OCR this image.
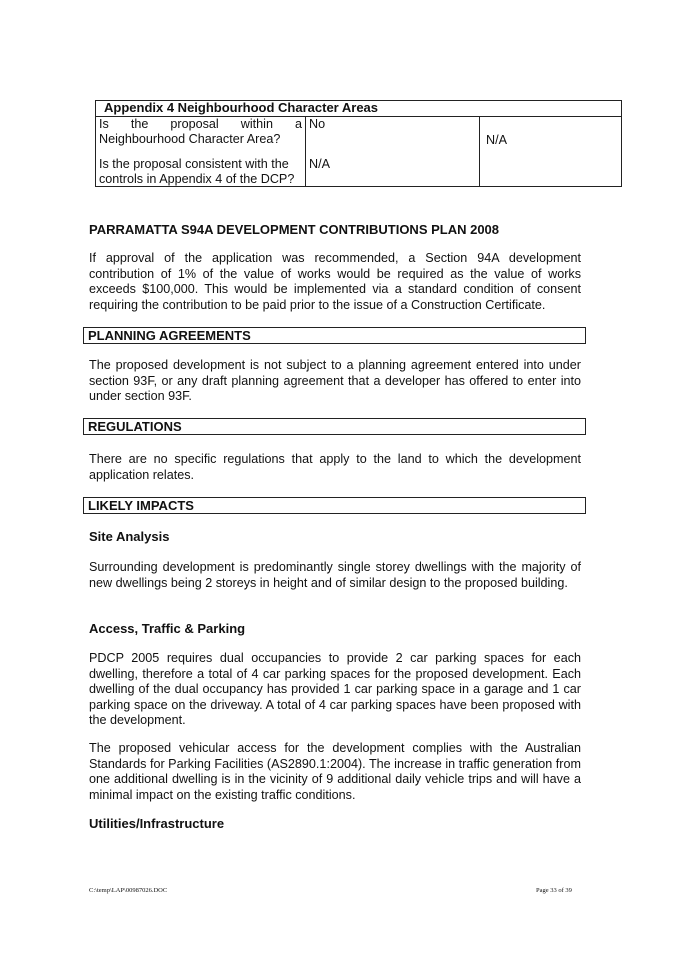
Appendix 4 Neighbourhood Character Areas		
Is the proposal within a Neighbourhood Character Area?	No	N/A
Is the proposal consistent with the controls in Appendix 4 of the DCP?	N/A	
PARRAMATTA S94A DEVELOPMENT CONTRIBUTIONS PLAN 2008

If approval of the application was recommended, a Section 94A development contribution of 1% of the value of works would be required as the value of works exceeds $100,000. This would be implemented via a standard condition of consent requiring the contribution to be paid prior to the issue of a Construction Certificate.

PLANNING AGREEMENTS

The proposed development is not subject to a planning agreement entered into under section 93F, or any draft planning agreement that a developer has offered to enter into under section 93F.

REGULATIONS

There are no specific regulations that apply to the land to which the development application relates.

LIKELY IMPACTS
Site Analysis

Surrounding development is predominantly single storey dwellings with the majority of new dwellings being 2 storeys in height and of similar design to the proposed building.

Access, Traffic & Parking

PDCP 2005 requires dual occupancies to provide 2 car parking spaces for each dwelling, therefore a total of 4 car parking spaces for the proposed development. Each dwelling of the dual occupancy has provided 1 car parking space in a garage and 1 car parking space on the driveway. A total of 4 car parking spaces have been proposed with the development.

The proposed vehicular access for the development complies with the Australian Standards for Parking Facilities (AS2890.1:2004). The increase in traffic generation from one additional dwelling is in the vicinity of 9 additional daily vehicle trips and will have a minimal impact on the existing traffic conditions.

Utilities/Infrastructure
C:\temp\LAP\00987026.DOC	Page 33 of 39
